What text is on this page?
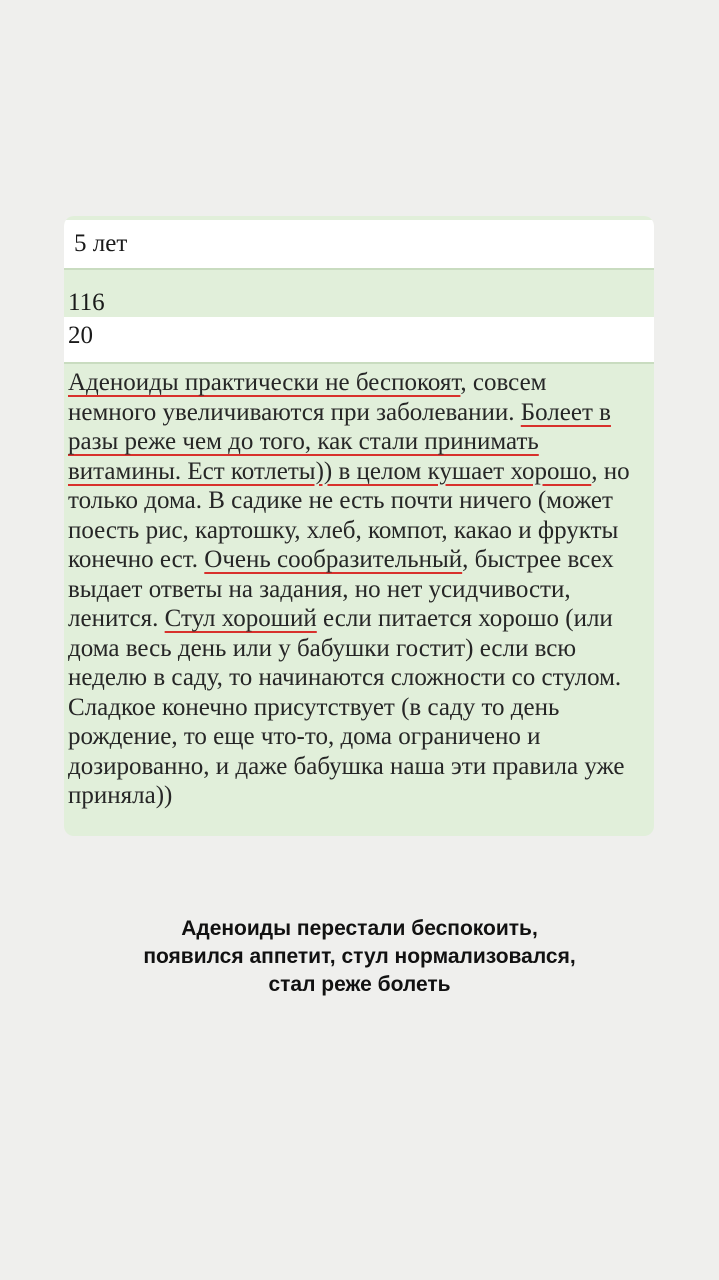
5 лет
116
20
Аденоиды практически не беспокоят, совсем
немного увеличиваются при заболевании. Болеет в
разы реже чем до того, как стали принимать
витамины. Ест котлеты)) в целом кушает хорошо, но
только дома. В садике не есть почти ничего (может
поесть рис, картошку, хлеб, компот, какао и фрукты
конечно ест. Очень сообразительный, быстрее всех
выдает ответы на задания, но нет усидчивости,
ленится. Стул хороший если питается хорошо (или
дома весь день или у бабушки гостит) если всю
неделю в саду, то начинаются сложности со стулом.
Сладкое конечно присутствует (в саду то день
рождение, то еще что-то, дома ограничено и
дозированно, и даже бабушка наша эти правила уже
приняла))
Аденоиды перестали беспокоить,
появился аппетит, стул нормализовался,
стал реже болеть
